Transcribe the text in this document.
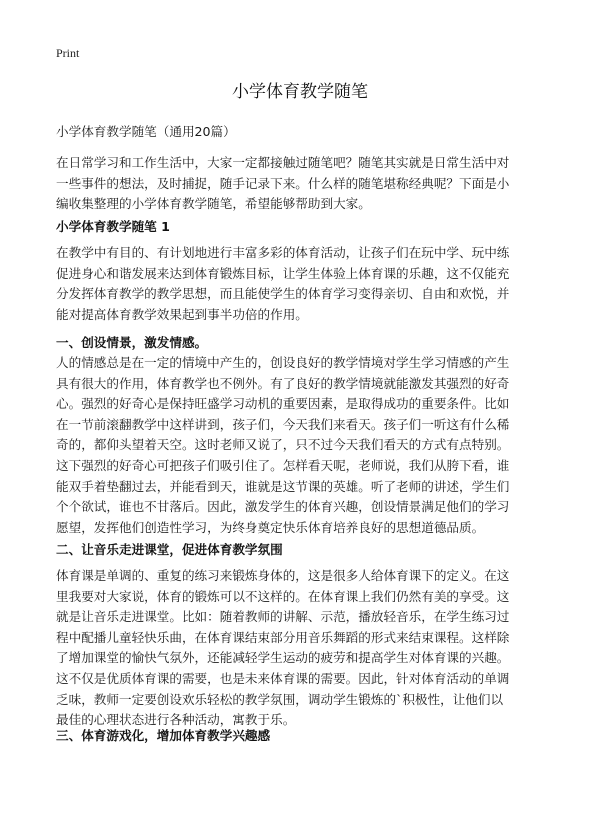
Print
小学体育教学随笔
小学体育教学随笔（通用20篇）
在日常学习和工作生活中，大家一定都接触过随笔吧？随笔其实就是日常生活中对
一些事件的想法，及时捕捉，随手记录下来。什么样的随笔堪称经典呢？下面是小
编收集整理的小学体育教学随笔，希望能够帮助到大家。
小学体育教学随笔 1
在教学中有目的、有计划地进行丰富多彩的体育活动，让孩子们在玩中学、玩中练
促进身心和谐发展来达到体育锻炼目标，让学生体验上体育课的乐趣，这不仅能充
分发挥体育教学的教学思想，而且能使学生的体育学习变得亲切、自由和欢悦，并
能对提高体育教学效果起到事半功倍的作用。
一、创设情景，激发情感。
人的情感总是在一定的情境中产生的，创设良好的教学情境对学生学习情感的产生
具有很大的作用，体育教学也不例外。有了良好的教学情境就能激发其强烈的好奇
心。强烈的好奇心是保持旺盛学习动机的重要因素，是取得成功的重要条件。比如
在一节前滚翻教学中这样讲到，孩子们，今天我们来看天。孩子们一听这有什么稀
奇的，都仰头望着天空。这时老师又说了，只不过今天我们看天的方式有点特别。
这下强烈的好奇心可把孩子们吸引住了。怎样看天呢，老师说，我们从胯下看，谁
能双手着垫翻过去，并能看到天，谁就是这节课的英雄。听了老师的讲述，学生们
个个欲试，谁也不甘落后。因此，激发学生的体育兴趣，创设情景满足他们的学习
愿望，发挥他们创造性学习，为终身奠定快乐体育培养良好的思想道德品质。
二、让音乐走进课堂，促进体育教学氛围
体育课是单调的、重复的练习来锻炼身体的，这是很多人给体育课下的定义。在这
里我要对大家说，体育的锻炼可以不这样的。在体育课上我们仍然有美的享受。这
就是让音乐走进课堂。比如：随着教师的讲解、示范，播放轻音乐，在学生练习过
程中配播儿童轻快乐曲，在体育课结束部分用音乐舞蹈的形式来结束课程。这样除
了增加课堂的愉快气氛外，还能减轻学生运动的疲劳和提高学生对体育课的兴趣。
这不仅是优质体育课的需要，也是未来体育课的需要。因此，针对体育活动的单调
乏味，教师一定要创设欢乐轻松的教学氛围，调动学生锻炼的`积极性，让他们以
最佳的心理状态进行各种活动，寓教于乐。
三、体育游戏化，增加体育教学兴趣感
